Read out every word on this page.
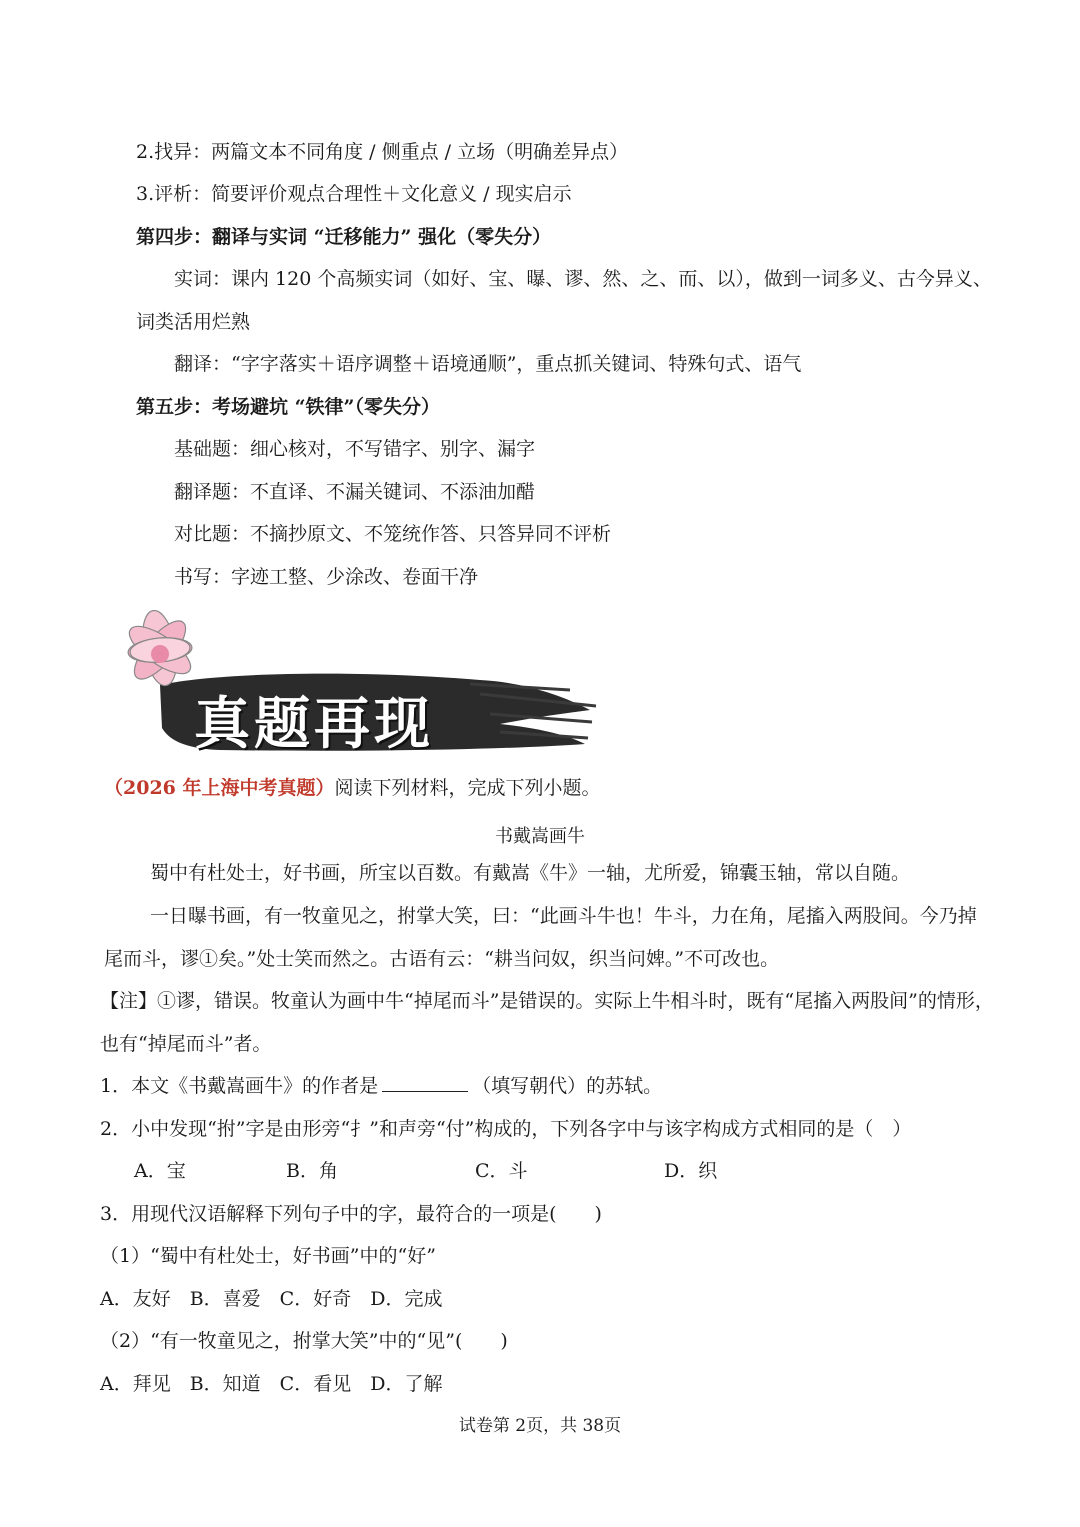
2.找异：两篇文本不同角度 / 侧重点 / 立场（明确差异点）
3.评析：简要评价观点合理性＋文化意义 / 现实启示
第四步：翻译与实词 “迁移能力” 强化（零失分）
实词：课内 120 个高频实词（如好、宝、曝、谬、然、之、而、以），做到一词多义、古今异义、
词类活用烂熟
翻译：“字字落实＋语序调整＋语境通顺”，重点抓关键词、特殊句式、语气
第五步：考场避坑 “铁律”（零失分）
基础题：细心核对，不写错字、别字、漏字
翻译题：不直译、不漏关键词、不添油加醋
对比题：不摘抄原文、不笼统作答、只答异同不评析
书写：字迹工整、少涂改、卷面干净
真题再现
（2026 年上海中考真题）阅读下列材料，完成下列小题。
书戴嵩画牛
蜀中有杜处士，好书画，所宝以百数。有戴嵩《牛》一轴，尤所爱，锦囊玉轴，常以自随。
一日曝书画，有一牧童见之，拊掌大笑，曰：“此画斗牛也！牛斗，力在角，尾搐入两股间。今乃掉
尾而斗，谬①矣。”处士笑而然之。古语有云：“耕当问奴，织当问婢。”不可改也。
【注】①谬，错误。牧童认为画中牛“掉尾而斗”是错误的。实际上牛相斗时，既有“尾搐入两股间”的情形，
也有“掉尾而斗”者。
1．本文《书戴嵩画牛》的作者是	（填写朝代）的苏轼。
2．小中发现“拊”字是由形旁“扌”和声旁“付”构成的，下列各字中与该字构成方式相同的是（　）
A．宝	B．角	C．斗	D．织
3．用现代汉语解释下列句子中的字，最符合的一项是(　　)
（1）“蜀中有杜处士，好书画”中的“好”
A．友好　B．喜爱　C．好奇　D．完成
（2）“有一牧童见之，拊掌大笑”中的“见”(　　)
A．拜见　B．知道　C．看见　D．了解
试卷第 2页，共 38页
